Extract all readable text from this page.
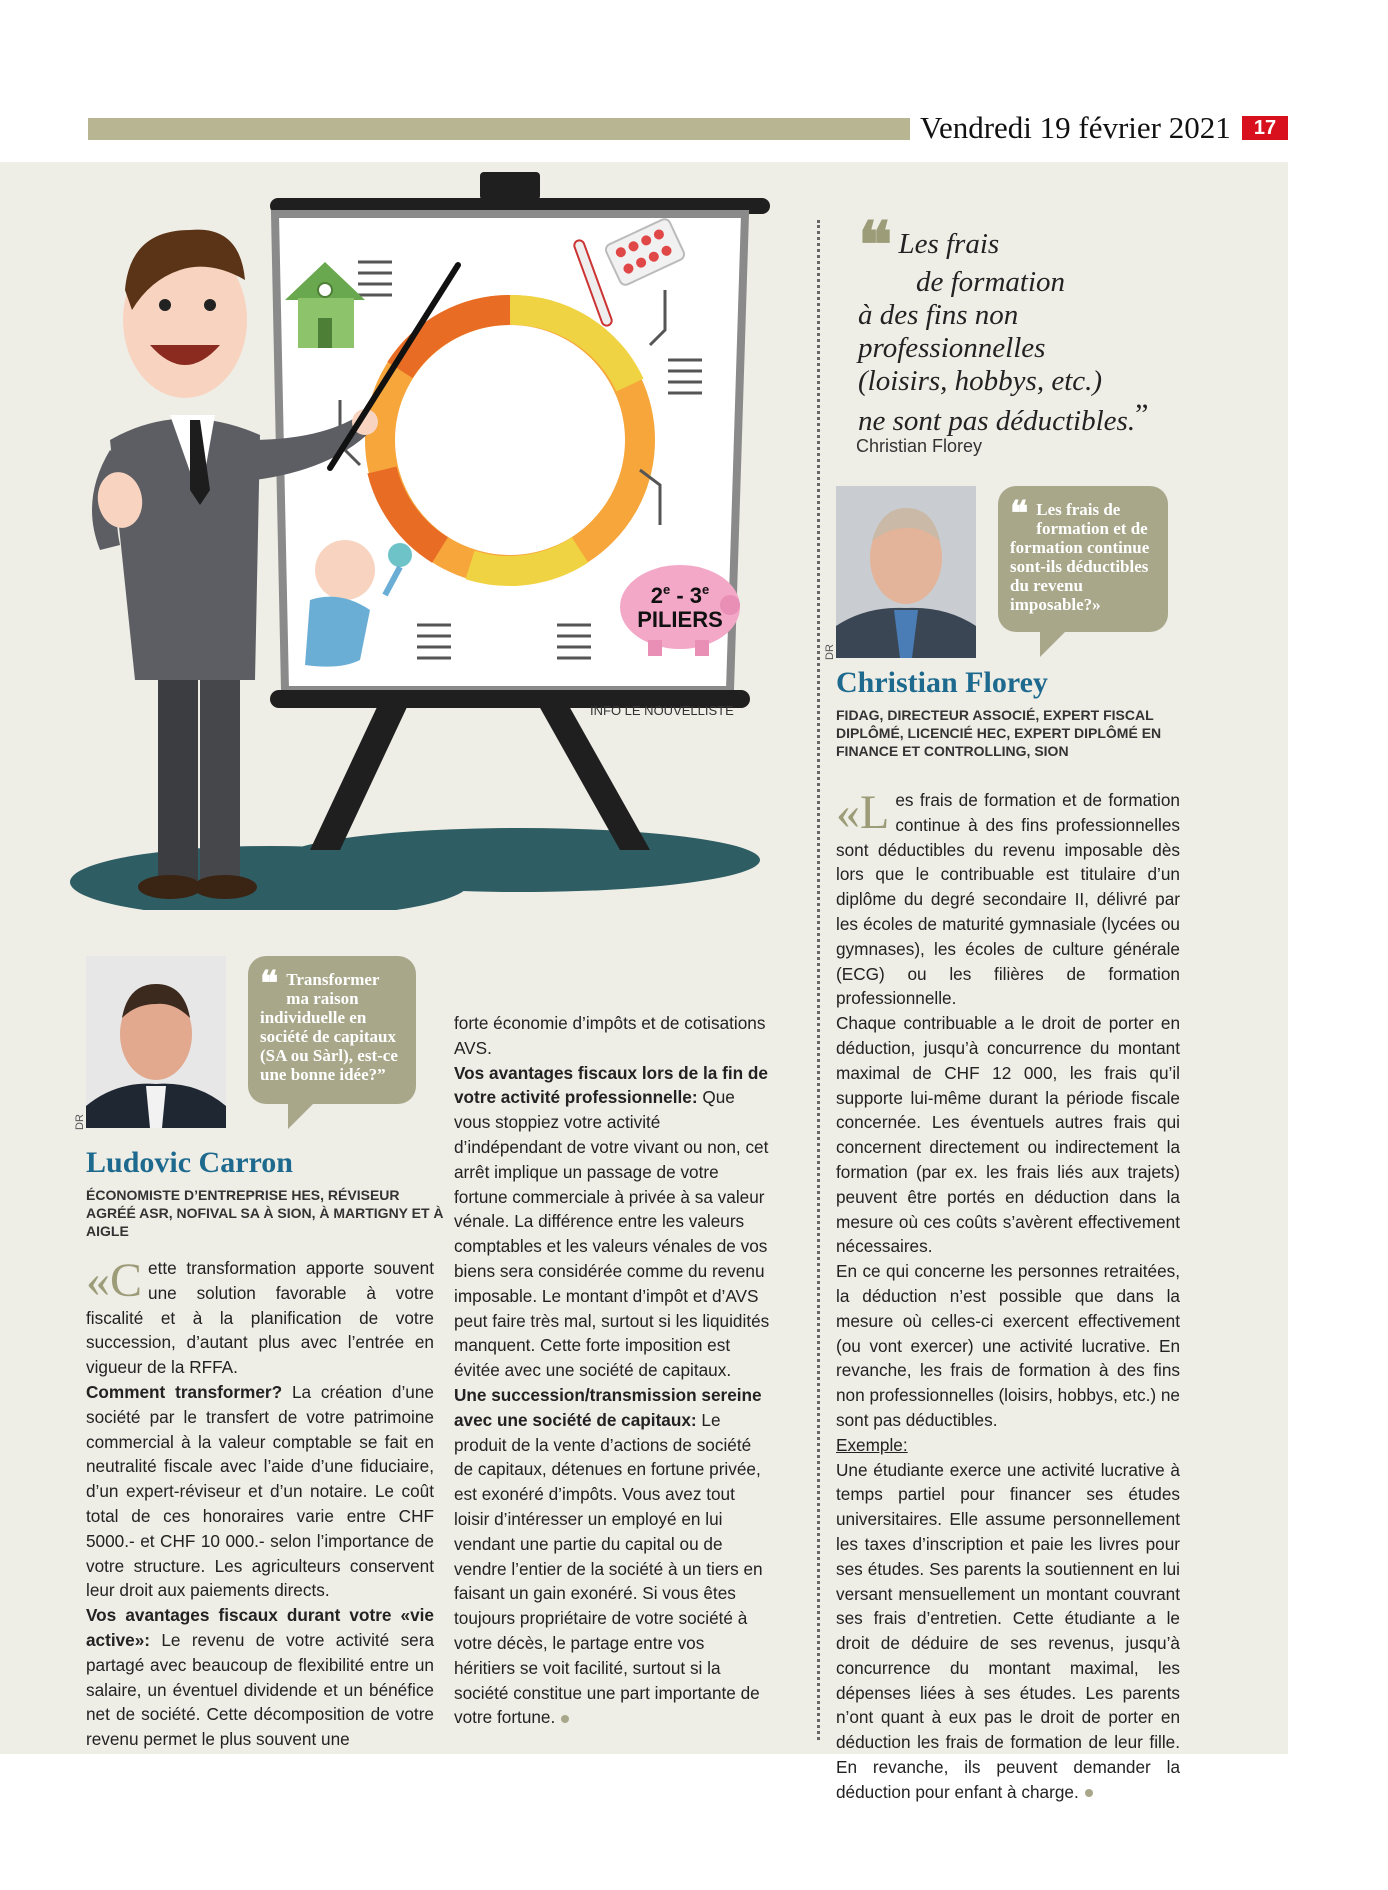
Vendredi 19 février 2021	17
2e - 3e
PILIERS
INFO LE NOUVELLISTE
❝ Les frais
de formation
à des fins non
professionnelles
(loisirs, hobbys, etc.)
ne sont pas déductibles.”
Christian Florey
DR
❝ Les frais de formation et de formation continue sont-ils déductibles du revenu imposable?»
Christian Florey
FIDAG, DIRECTEUR ASSOCIÉ, EXPERT FISCAL DIPLÔMÉ, LICENCIÉ HEC, EXPERT DIPLÔMÉ EN FINANCE ET CONTROLLING, SION
DR
❝ Transformer ma raison individuelle en société de capitaux (SA ou Sàrl), est-ce une bonne idée?”
Ludovic Carron
ÉCONOMISTE D’ENTREPRISE HES, RÉVISEUR AGRÉÉ ASR, NOFIVAL SA À SION, À MARTIGNY ET À AIGLE

«C ette transformation apporte souvent une solution favorable à votre fiscalité et à la planification de votre succession, d’autant plus avec l’entrée en vigueur de la RFFA.

Comment transformer? La création d’une société par le transfert de votre patrimoine commercial à la valeur comptable se fait en neutralité fiscale avec l’aide d’une fiduciaire, d’un expert-réviseur et d’un notaire. Le coût total de ces honoraires varie entre CHF 5000.- et CHF 10 000.- selon l’importance de votre structure. Les agriculteurs conservent leur droit aux paiements directs.

Vos avantages fiscaux durant votre «vie active»: Le revenu de votre activité sera partagé avec beaucoup de flexibilité entre un salaire, un éventuel dividende et un bénéfice net de société. Cette décomposition de votre revenu permet le plus souvent une

forte économie d’impôts et de cotisations AVS.

Vos avantages fiscaux lors de la fin de votre activité professionnelle: Que vous stoppiez votre activité d’indépendant de votre vivant ou non, cet arrêt implique un passage de votre fortune commerciale à privée à sa valeur vénale. La différence entre les valeurs comptables et les valeurs vénales de vos biens sera considérée comme du revenu imposable. Le montant d’impôt et d’AVS peut faire très mal, surtout si les liquidités manquent. Cette forte imposition est évitée avec une société de capitaux.

Une succession/transmission sereine avec une société de capitaux: Le produit de la vente d’actions de société de capitaux, détenues en fortune privée, est exonéré d’impôts. Vous avez tout loisir d’intéresser un employé en lui vendant une partie du capital ou de vendre l’entier de la société à un tiers en faisant un gain exonéré. Si vous êtes toujours propriétaire de votre société à votre décès, le partage entre vos héritiers se voit facilité, surtout si la société constitue une part importante de votre fortune.

«L es frais de formation et de formation continue à des fins professionnelles sont déductibles du revenu imposable dès lors que le contribuable est titulaire d’un diplôme du degré secondaire II, délivré par les écoles de maturité gymnasiale (lycées ou gymnases), les écoles de culture générale (ECG) ou les filières de formation professionnelle.

Chaque contribuable a le droit de porter en déduction, jusqu’à concurrence du montant maximal de CHF 12 000, les frais qu’il supporte lui-même durant la période fiscale concernée. Les éventuels autres frais qui concernent directement ou indirectement la formation (par ex. les frais liés aux trajets) peuvent être portés en déduction dans la mesure où ces coûts s’avèrent effectivement nécessaires.

En ce qui concerne les personnes retraitées, la déduction n’est possible que dans la mesure où celles-ci exercent effectivement (ou vont exercer) une activité lucrative. En revanche, les frais de formation à des fins non professionnelles (loisirs, hobbys, etc.) ne sont pas déductibles.

Exemple:

Une étudiante exerce une activité lucrative à temps partiel pour financer ses études universitaires. Elle assume personnellement les taxes d’inscription et paie les livres pour ses études. Ses parents la soutiennent en lui versant mensuellement un montant couvrant ses frais d’entretien. Cette étudiante a le droit de déduire de ses revenus, jusqu’à concurrence du montant maximal, les dépenses liées à ses études. Les parents n’ont quant à eux pas le droit de porter en déduction les frais de formation de leur fille. En revanche, ils peuvent demander la déduction pour enfant à charge.
